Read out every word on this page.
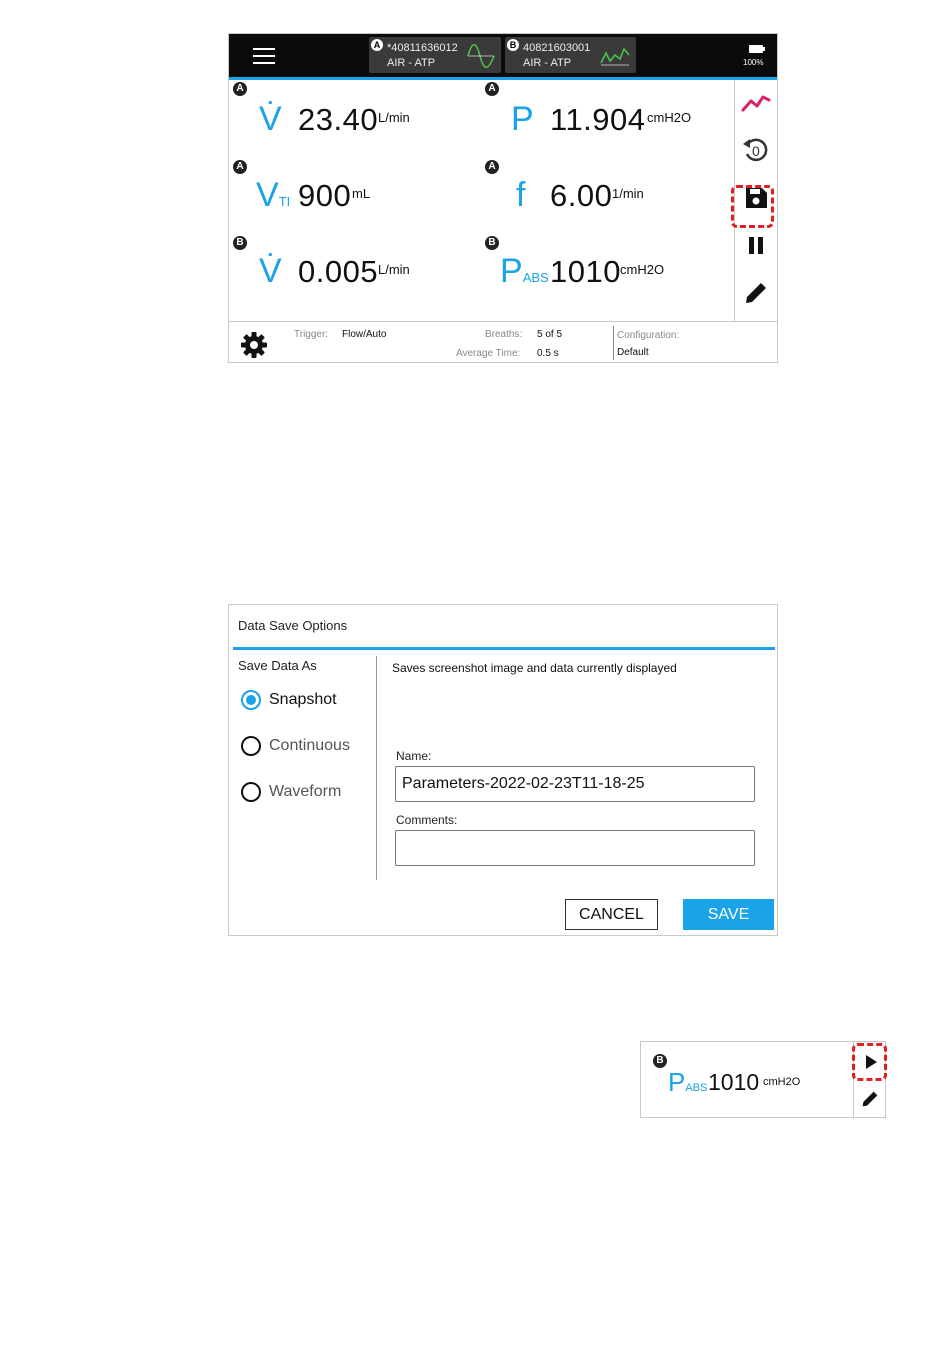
A *40811636012
AIR - ATP
B 40821603001
AIR - ATP	100%
A
V̇ 23.40 L/min
A
P 11.904 cmH2O
A
VTI 900 mL
A
f 6.00 1/min
B
V̇ 0.005 L/min
B
PABS 1010 cmH2O
0
Trigger: Flow/Auto	Breaths: 5 of 5
Average Time: 0.5 s
Configuration:
Default
Data Save Options
Save Data As
Snapshot
Continuous
Waveform
Saves screenshot image and data currently displayed
Name:
Parameters-2022-02-23T11-18-25
Comments:
CANCEL	SAVE
B
PABS 1010 cmH2O
